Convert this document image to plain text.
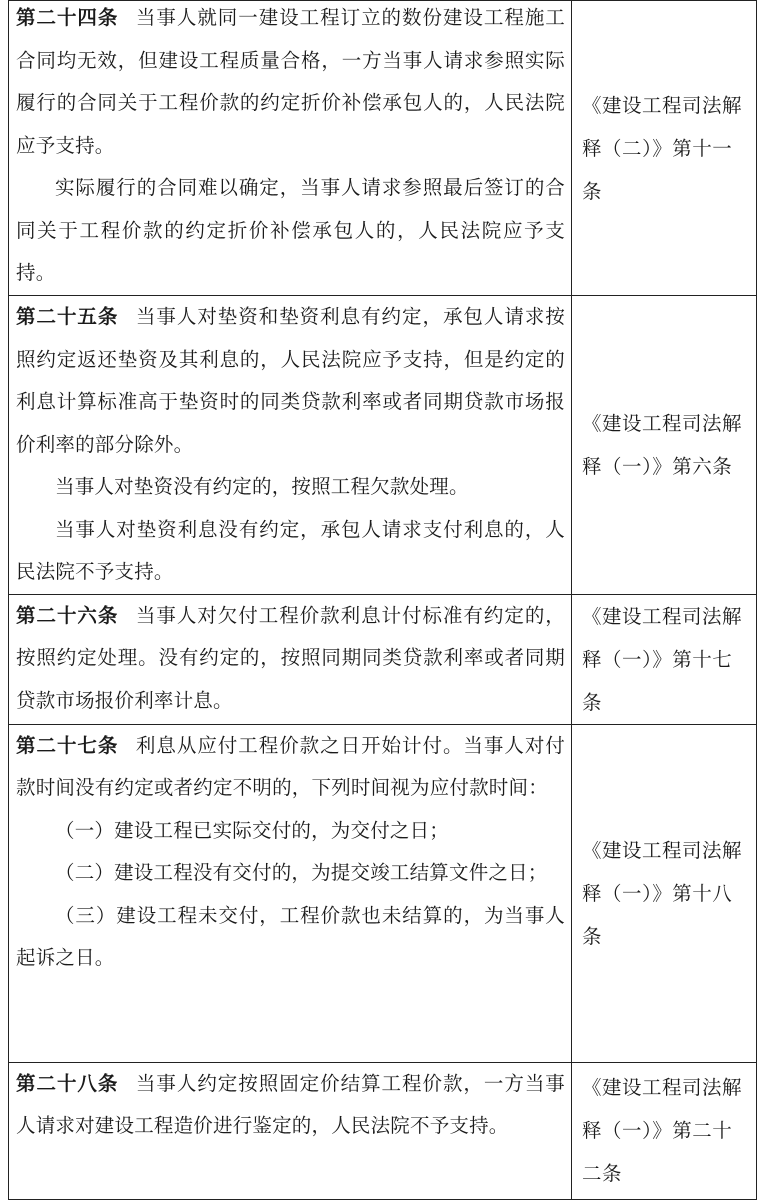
第二十四条 当事人就同一建设工程订立的数份建设工程施工合同均无效，但建设工程质量合格，一方当事人请求参照实际履行的合同关于工程价款的约定折价补偿承包人的，人民法院应予支持。

实际履行的合同难以确定，当事人请求参照最后签订的合同关于工程价款的约定折价补偿承包人的，人民法院应予支持。	《建设工程司法解释（二）》第十一条

第二十五条 当事人对垫资和垫资利息有约定，承包人请求按照约定返还垫资及其利息的，人民法院应予支持，但是约定的利息计算标准高于垫资时的同类贷款利率或者同期贷款市场报价利率的部分除外。

当事人对垫资没有约定的，按照工程欠款处理。

当事人对垫资利息没有约定，承包人请求支付利息的，人民法院不予支持。	《建设工程司法解释（一）》第六条

第二十六条 当事人对欠付工程价款利息计付标准有约定的，按照约定处理。没有约定的，按照同期同类贷款利率或者同期贷款市场报价利率计息。	《建设工程司法解释（一）》第十七条

第二十七条 利息从应付工程价款之日开始计付。当事人对付款时间没有约定或者约定不明的，下列时间视为应付款时间：

（一）建设工程已实际交付的，为交付之日；

（二）建设工程没有交付的，为提交竣工结算文件之日；

（三）建设工程未交付，工程价款也未结算的，为当事人起诉之日。	《建设工程司法解释（一）》第十八条

第二十八条 当事人约定按照固定价结算工程价款，一方当事人请求对建设工程造价进行鉴定的，人民法院不予支持。	《建设工程司法解释（一）》第二十二条
